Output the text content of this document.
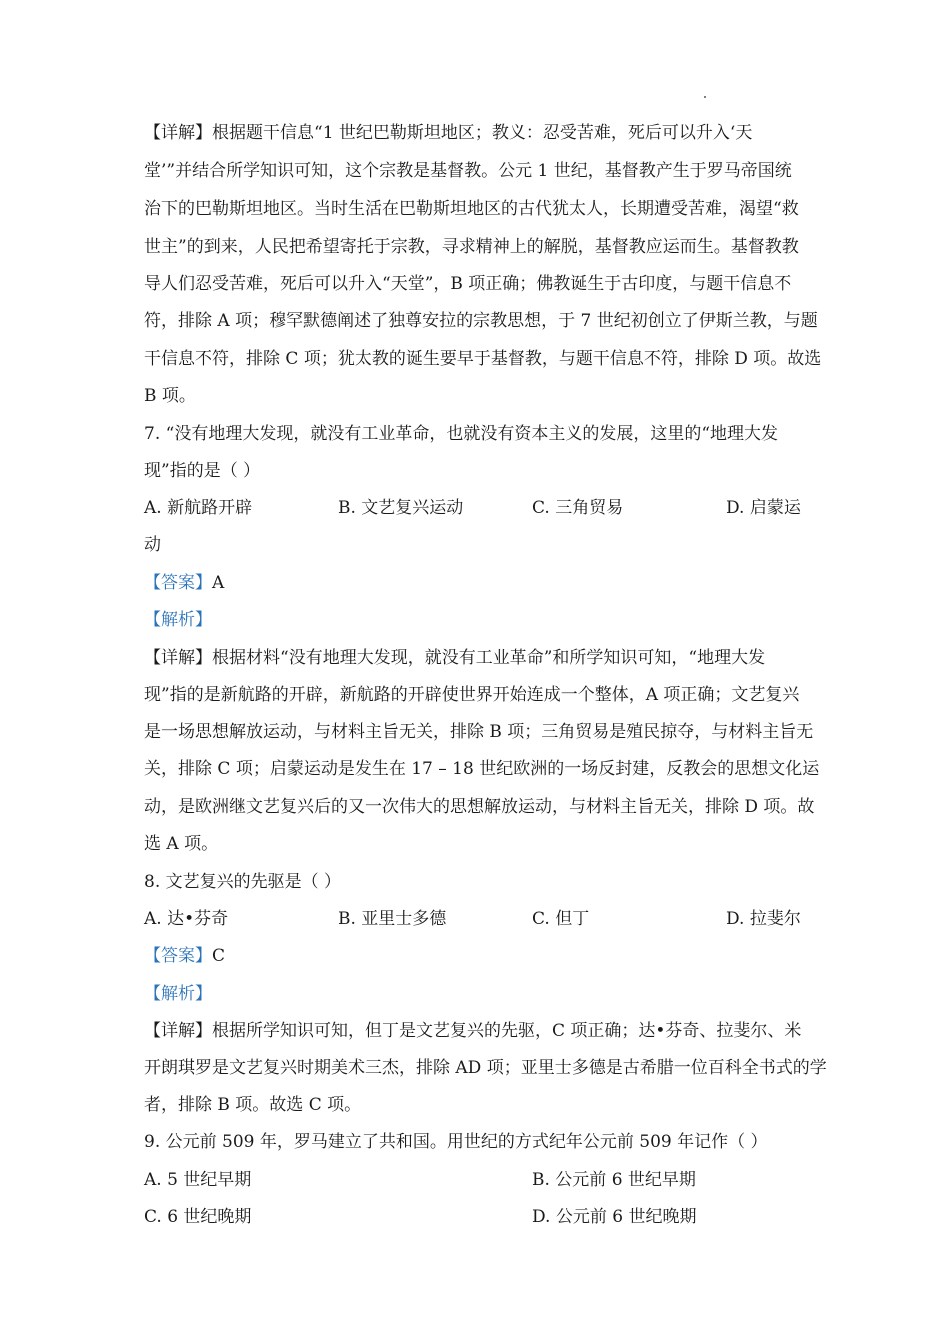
【详解】根据题干信息“1 世纪巴勒斯坦地区；教义：忍受苦难，死后可以升入‘天
堂’”并结合所学知识可知，这个宗教是基督教。公元 1 世纪，基督教产生于罗马帝国统
治下的巴勒斯坦地区。当时生活在巴勒斯坦地区的古代犹太人，长期遭受苦难，渴望“救
世主”的到来，人民把希望寄托于宗教，寻求精神上的解脱，基督教应运而生。基督教教
导人们忍受苦难，死后可以升入“天堂”，B 项正确；佛教诞生于古印度，与题干信息不
符，排除 A 项；穆罕默德阐述了独尊安拉的宗教思想，于 7 世纪初创立了伊斯兰教，与题
干信息不符，排除 C 项；犹太教的诞生要早于基督教，与题干信息不符，排除 D 项。故选
B 项。
7. “没有地理大发现，就没有工业革命，也就没有资本主义的发展，这里的“地理大发
现”指的是（ ）
A. 新航路开辟	B. 文艺复兴运动	C. 三角贸易	D. 启蒙运
动
【答案】A
【解析】
【详解】根据材料“没有地理大发现，就没有工业革命”和所学知识可知，“地理大发
现”指的是新航路的开辟，新航路的开辟使世界开始连成一个整体，A 项正确；文艺复兴
是一场思想解放运动，与材料主旨无关，排除 B 项；三角贸易是殖民掠夺，与材料主旨无
关，排除 C 项；启蒙运动是发生在 17 – 18 世纪欧洲的一场反封建，反教会的思想文化运
动，是欧洲继文艺复兴后的又一次伟大的思想解放运动，与材料主旨无关，排除 D 项。故
选 A 项。
8. 文艺复兴的先驱是（ ）
A. 达•芬奇	B. 亚里士多德	C. 但丁	D. 拉斐尔
【答案】C
【解析】
【详解】根据所学知识可知，但丁是文艺复兴的先驱，C 项正确；达•芬奇、拉斐尔、米
开朗琪罗是文艺复兴时期美术三杰，排除 AD 项；亚里士多德是古希腊一位百科全书式的学
者，排除 B 项。故选 C 项。
9. 公元前 509 年，罗马建立了共和国。用世纪的方式纪年公元前 509 年记作（ ）
A. 5 世纪早期	B. 公元前 6 世纪早期
C. 6 世纪晚期	D. 公元前 6 世纪晚期
